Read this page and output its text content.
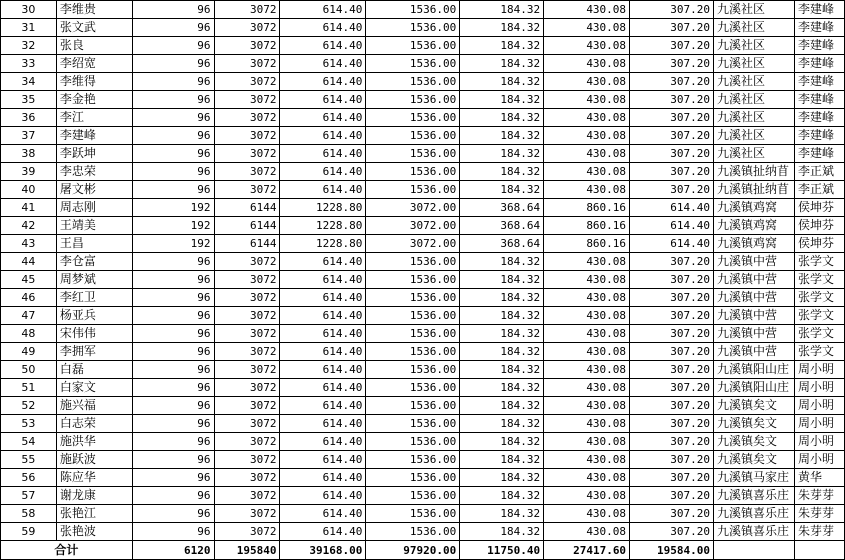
30	李维贵	96	3072	614.40	1536.00	184.32	430.08	307.20	九溪社区	李建峰
31	张文武	96	3072	614.40	1536.00	184.32	430.08	307.20	九溪社区	李建峰
32	张良	96	3072	614.40	1536.00	184.32	430.08	307.20	九溪社区	李建峰
33	李绍宽	96	3072	614.40	1536.00	184.32	430.08	307.20	九溪社区	李建峰
34	李维得	96	3072	614.40	1536.00	184.32	430.08	307.20	九溪社区	李建峰
35	李金艳	96	3072	614.40	1536.00	184.32	430.08	307.20	九溪社区	李建峰
36	李江	96	3072	614.40	1536.00	184.32	430.08	307.20	九溪社区	李建峰
37	李建峰	96	3072	614.40	1536.00	184.32	430.08	307.20	九溪社区	李建峰
38	李跃坤	96	3072	614.40	1536.00	184.32	430.08	307.20	九溪社区	李建峰
39	李忠荣	96	3072	614.40	1536.00	184.32	430.08	307.20	九溪镇扯纳苜	李正斌
40	屠文彬	96	3072	614.40	1536.00	184.32	430.08	307.20	九溪镇扯纳苜	李正斌
41	周志刚	192	6144	1228.80	3072.00	368.64	860.16	614.40	九溪镇鸡窝	侯坤芬
42	王靖美	192	6144	1228.80	3072.00	368.64	860.16	614.40	九溪镇鸡窝	侯坤芬
43	王昌	192	6144	1228.80	3072.00	368.64	860.16	614.40	九溪镇鸡窝	侯坤芬
44	李仓富	96	3072	614.40	1536.00	184.32	430.08	307.20	九溪镇中营	张学文
45	周梦斌	96	3072	614.40	1536.00	184.32	430.08	307.20	九溪镇中营	张学文
46	李红卫	96	3072	614.40	1536.00	184.32	430.08	307.20	九溪镇中营	张学文
47	杨亚兵	96	3072	614.40	1536.00	184.32	430.08	307.20	九溪镇中营	张学文
48	宋伟伟	96	3072	614.40	1536.00	184.32	430.08	307.20	九溪镇中营	张学文
49	李拥军	96	3072	614.40	1536.00	184.32	430.08	307.20	九溪镇中营	张学文
50	白磊	96	3072	614.40	1536.00	184.32	430.08	307.20	九溪镇阳山庄	周小明
51	白家文	96	3072	614.40	1536.00	184.32	430.08	307.20	九溪镇阳山庄	周小明
52	施兴福	96	3072	614.40	1536.00	184.32	430.08	307.20	九溪镇矣文	周小明
53	白志荣	96	3072	614.40	1536.00	184.32	430.08	307.20	九溪镇矣文	周小明
54	施洪华	96	3072	614.40	1536.00	184.32	430.08	307.20	九溪镇矣文	周小明
55	施跃波	96	3072	614.40	1536.00	184.32	430.08	307.20	九溪镇矣文	周小明
56	陈应华	96	3072	614.40	1536.00	184.32	430.08	307.20	九溪镇马家庄	黄华
57	谢龙康	96	3072	614.40	1536.00	184.32	430.08	307.20	九溪镇喜乐庄	朱芽芽
58	张艳江	96	3072	614.40	1536.00	184.32	430.08	307.20	九溪镇喜乐庄	朱芽芽
59	张艳波	96	3072	614.40	1536.00	184.32	430.08	307.20	九溪镇喜乐庄	朱芽芽
合计		6120	195840	39168.00	97920.00	11750.40	27417.60	19584.00		
